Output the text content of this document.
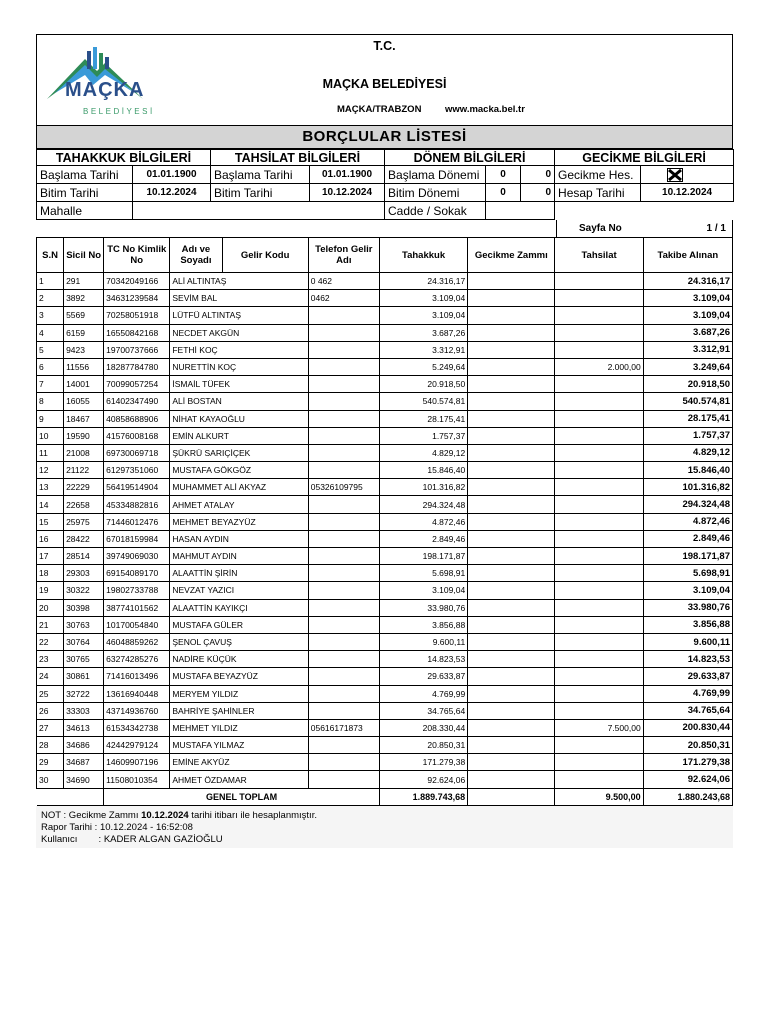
MAÇKA
BELEDİYESİ
T.C.
MAÇKA BELEDİYESİ
MAÇKA/TRABZON www.macka.bel.tr
BORÇLULAR LİSTESİ
TAHAKKUK BİLGİLERİ		TAHSİLAT BİLGİLERİ		DÖNEM BİLGİLERİ			GECİKME BİLGİLERİ	
Başlama Tarihi	01.01.1900	Başlama Tarihi	01.01.1900	Başlama Dönemi	0	0	Gecikme Hes.	
Bitim Tarihi	10.12.2024	Bitim Tarihi	10.12.2024	Bitim Dönemi	0	0	Hesap Tarihi	10.12.2024
Mahalle				Cadde / Sokak				
Sayfa No	1 / 1
S.N	Sicil No	TC No Kimlik No	Adı ve Soyadı	Gelir Kodu	Telefon Gelir Adı	Tahakkuk	Gecikme Zammı	Tahsilat	Takibe Alınan
1	291	70342049166	ALİ ALTINTAŞ		0 462	24.316,17			24.316,17
2	3892	34631239584	SEVİM BAL		0462	3.109,04			3.109,04
3	5569	70258051918	LÜTFÜ ALTINTAŞ			3.109,04			3.109,04
4	6159	16550842168	NECDET AKGÜN			3.687,26			3.687,26
5	9423	19700737666	FETHİ KOÇ			3.312,91			3.312,91
6	11556	18287784780	NURETTİN KOÇ			5.249,64		2.000,00	3.249,64
7	14001	70099057254	İSMAİL TÜFEK			20.918,50			20.918,50
8	16055	61402347490	ALİ BOSTAN			540.574,81			540.574,81
9	18467	40858688906	NİHAT KAYAOĞLU			28.175,41			28.175,41
10	19590	41576008168	EMİN ALKURT			1.757,37			1.757,37
11	21008	69730069718	ŞÜKRÜ SARIÇİÇEK			4.829,12			4.829,12
12	21122	61297351060	MUSTAFA GÖKGÖZ			15.846,40			15.846,40
13	22229	56419514904	MUHAMMET ALİ AKYAZ		05326109795	101.316,82			101.316,82
14	22658	45334882816	AHMET ATALAY			294.324,48			294.324,48
15	25975	71446012476	MEHMET BEYAZYÜZ			4.872,46			4.872,46
16	28422	67018159984	HASAN AYDIN			2.849,46			2.849,46
17	28514	39749069030	MAHMUT AYDIN			198.171,87			198.171,87
18	29303	69154089170	ALAATTİN ŞİRİN			5.698,91			5.698,91
19	30322	19802733788	NEVZAT YAZICI			3.109,04			3.109,04
20	30398	38774101562	ALAATTİN KAYIKÇI			33.980,76			33.980,76
21	30763	10170054840	MUSTAFA GÜLER			3.856,88			3.856,88
22	30764	46048859262	ŞENOL ÇAVUŞ			9.600,11			9.600,11
23	30765	63274285276	NADİRE KÜÇÜK			14.823,53			14.823,53
24	30861	71416013496	MUSTAFA BEYAZYÜZ			29.633,87			29.633,87
25	32722	13616940448	MERYEM YILDIZ			4.769,99			4.769,99
26	33303	43714936760	BAHRİYE ŞAHİNLER			34.765,64			34.765,64
27	34613	61534342738	MEHMET YILDIZ		05616171873	208.330,44		7.500,00	200.830,44
28	34686	42442979124	MUSTAFA YILMAZ			20.850,31			20.850,31
29	34687	14609907196	EMİNE AKYÜZ			171.279,38			171.279,38
30	34690	11508010354	AHMET ÖZDAMAR			92.624,06			92.624,06
		GENEL TOPLAM				1.889.743,68		9.500,00	1.880.243,68
NOT : Gecikme Zammı 10.12.2024 tarihi itibarı ile hesaplanmıştır.
Rapor Tarihi : 10.12.2024 - 16:52:08
Kullanıcı        : KADER ALGAN GAZİOĞLU
